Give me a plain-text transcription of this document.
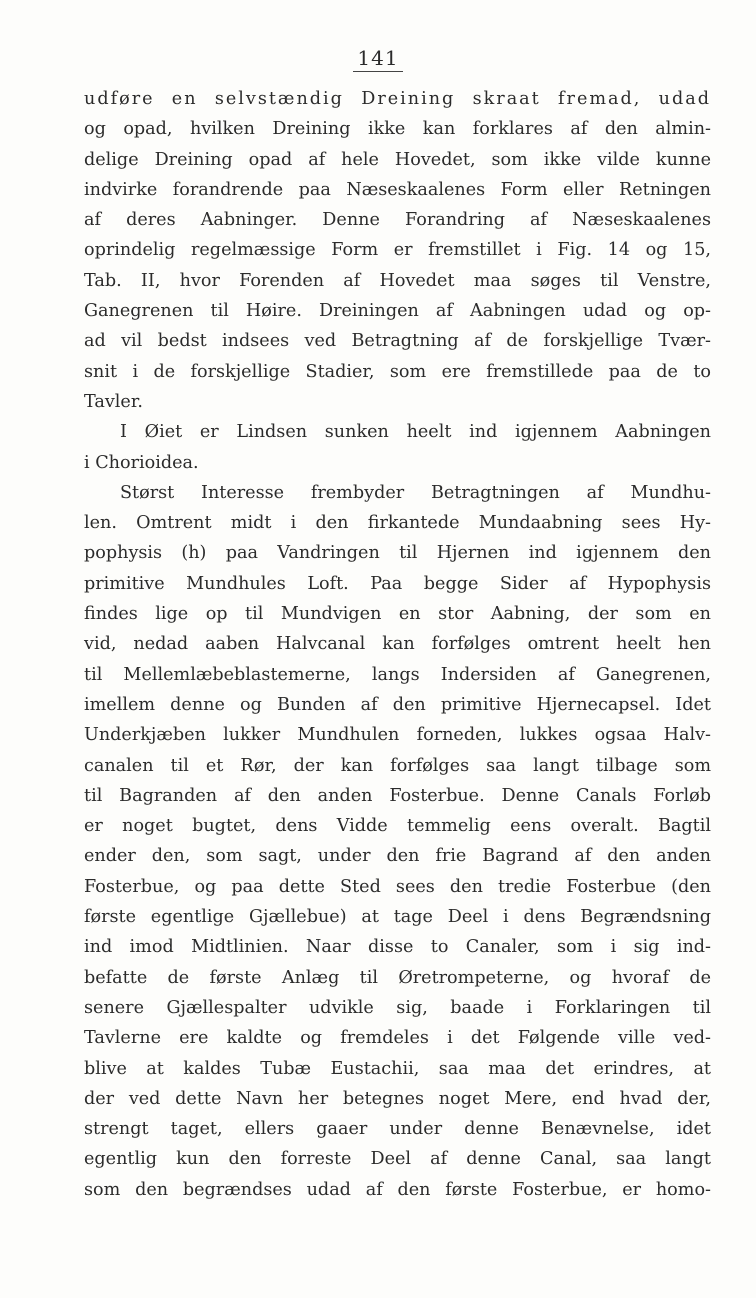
141
udføre en selvstændig Dreining skraat fremad, udad
og opad, hvilken Dreining ikke kan forklares af den almin-
delige Dreining opad af hele Hovedet, som ikke vilde kunne
indvirke forandrende paa Næseskaalenes Form eller Retningen
af deres Aabninger. Denne Forandring af Næseskaalenes
oprindelig regelmæssige Form er fremstillet i Fig. 14 og 15,
Tab. II, hvor Forenden af Hovedet maa søges til Venstre,
Ganegrenen til Høire. Dreiningen af Aabningen udad og op-
ad vil bedst indsees ved Betragtning af de forskjellige Tvær-
snit i de forskjellige Stadier, som ere fremstillede paa de to
Tavler.
I Øiet er Lindsen sunken heelt ind igjennem Aabningen
i Chorioidea.
Størst Interesse frembyder Betragtningen af Mundhu-
len. Omtrent midt i den firkantede Mundaabning sees Hy-
pophysis (h) paa Vandringen til Hjernen ind igjennem den
primitive Mundhules Loft. Paa begge Sider af Hypophysis
findes lige op til Mundvigen en stor Aabning, der som en
vid, nedad aaben Halvcanal kan forfølges omtrent heelt hen
til Mellemlæbeblastemerne, langs Indersiden af Ganegrenen,
imellem denne og Bunden af den primitive Hjernecapsel. Idet
Underkjæben lukker Mundhulen forneden, lukkes ogsaa Halv-
canalen til et Rør, der kan forfølges saa langt tilbage som
til Bagranden af den anden Fosterbue. Denne Canals Forløb
er noget bugtet, dens Vidde temmelig eens overalt. Bagtil
ender den, som sagt, under den frie Bagrand af den anden
Fosterbue, og paa dette Sted sees den tredie Fosterbue (den
første egentlige Gjællebue) at tage Deel i dens Begrændsning
ind imod Midtlinien. Naar disse to Canaler, som i sig ind-
befatte de første Anlæg til Øretrompeterne, og hvoraf de
senere Gjællespalter udvikle sig, baade i Forklaringen til
Tavlerne ere kaldte og fremdeles i det Følgende ville ved-
blive at kaldes Tubæ Eustachii, saa maa det erindres, at
der ved dette Navn her betegnes noget Mere, end hvad der,
strengt taget, ellers gaaer under denne Benævnelse, idet
egentlig kun den forreste Deel af denne Canal, saa langt
som den begrændses udad af den første Fosterbue, er homo-
